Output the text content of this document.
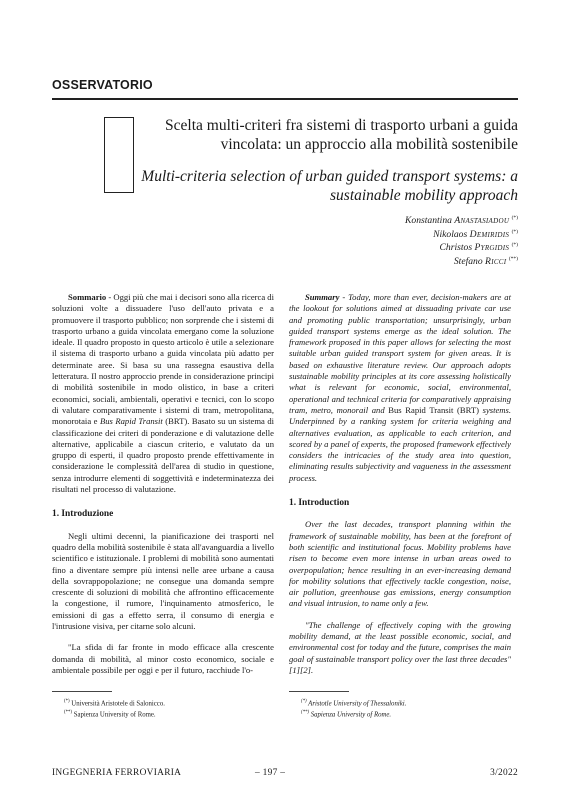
OSSERVATORIO
Scelta multi-criteri fra sistemi di trasporto urbani a guida vincolata: un approccio alla mobilità sostenibile
Multi-criteria selection of urban guided transport systems: a sustainable mobility approach
Konstantina Anastasiadou (*)
Nikolaos Demiridis (*)
Christos Pyrgidis (*)
Stefano Ricci (**)

Sommario - Oggi più che mai i decisori sono alla ricerca di soluzioni volte a dissuadere l'uso dell'auto privata e a promuovere il trasporto pubblico; non sorprende che i sistemi di trasporto urbano a guida vincolata emergano come la soluzione ideale. Il quadro proposto in questo articolo è utile a selezionare il sistema di trasporto urbano a guida vincolata più adatto per determinate aree. Si basa su una rassegna esaustiva della letteratura. Il nostro approccio prende in considerazione principi di mobilità sostenibile in modo olistico, in base a criteri economici, sociali, ambientali, operativi e tecnici, con lo scopo di valutare comparativamente i sistemi di tram, metropolitana, monorotaia e Bus Rapid Transit (BRT). Basato su un sistema di classificazione dei criteri di ponderazione e di valutazione delle alternative, applicabile a ciascun criterio, e valutato da un gruppo di esperti, il quadro proposto prende effettivamente in considerazione le complessità dell'area di studio in questione, senza introdurre elementi di soggettività e indeterminatezza dei risultati nel processo di valutazione.

1. Introduzione

Negli ultimi decenni, la pianificazione dei trasporti nel quadro della mobilità sostenibile è stata all'avanguardia a livello scientifico e istituzionale. I problemi di mobilità sono aumentati fino a diventare sempre più intensi nelle aree urbane a causa della sovrappopolazione; ne consegue una domanda sempre crescente di soluzioni di mobilità che affrontino efficacemente la congestione, il rumore, l'inquinamento atmosferico, le emissioni di gas a effetto serra, il consumo di energia e l'intrusione visiva, per citarne solo alcuni.

"La sfida di far fronte in modo efficace alla crescente domanda di mobilità, al minor costo economico, sociale e ambientale possibile per oggi e per il futuro, racchiude l'o-

Summary - Today, more than ever, decision-makers are at the lookout for solutions aimed at dissuading private car use and promoting public transportation; unsurprisingly, urban guided transport systems emerge as the ideal solution. The framework proposed in this paper allows for selecting the most suitable urban guided transport system for given areas. It is based on exhaustive literature review. Our approach adopts sustainable mobility principles at its core assessing holistically what is relevant for economic, social, environmental, operational and technical criteria for comparatively appraising tram, metro, monorail and Bus Rapid Transit (BRT) systems. Underpinned by a ranking system for criteria weighing and alternatives evaluation, as applicable to each criterion, and scored by a panel of experts, the proposed framework effectively considers the intricacies of the study area into question, eliminating results subjectivity and vagueness in the assessment process.

1. Introduction

Over the last decades, transport planning within the framework of sustainable mobility, has been at the forefront of both scientific and institutional focus. Mobility problems have risen to become even more intense in urban areas owed to overpopulation; hence resulting in an ever-increasing demand for mobility solutions that effectively tackle congestion, noise, air pollution, greenhouse gas emissions, energy consumption and visual intrusion, to name only a few.

"The challenge of effectively coping with the growing mobility demand, at the least possible economic, social, and environmental cost for today and the future, comprises the main goal of sustainable transport policy over the last three decades" [1][2].

(*) Università Aristotele di Salonicco.
(**) Sapienza University of Rome.
(*) Aristotle University of Thessaloniki.
(**) Sapienza University of Rome.
INGEGNERIA FERROVIARIA	– 197 –	3/2022
